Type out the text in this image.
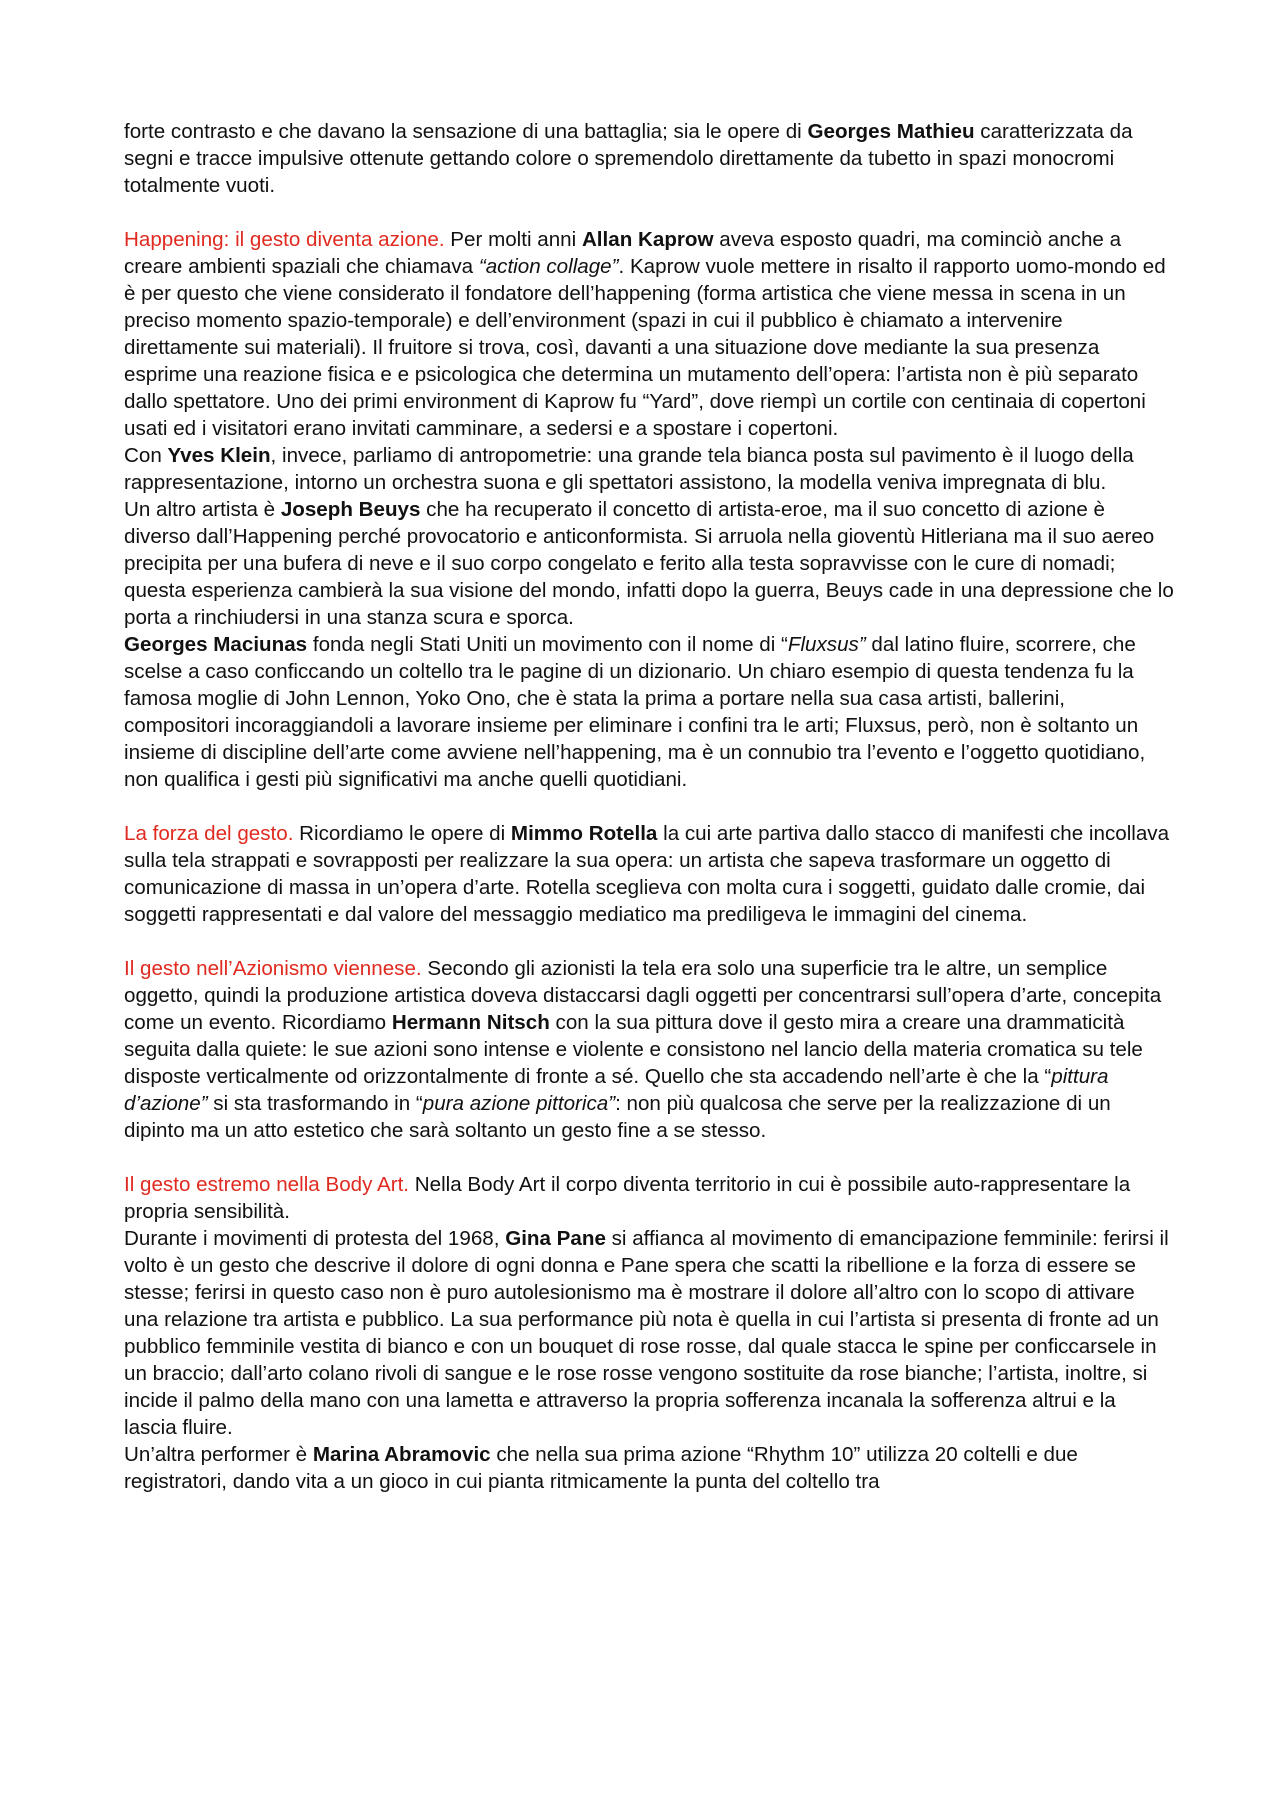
forte contrasto e che davano la sensazione di una battaglia; sia le opere di Georges Mathieu caratterizzata da segni e tracce impulsive ottenute gettando colore o spremendolo direttamente da tubetto in spazi monocromi totalmente vuoti.

Happening: il gesto diventa azione. Per molti anni Allan Kaprow aveva esposto quadri, ma cominciò anche a creare ambienti spaziali che chiamava “action collage”. Kaprow vuole mettere in risalto il rapporto uomo-mondo ed è per questo che viene considerato il fondatore dell’happening (forma artistica che viene messa in scena in un preciso momento spazio-temporale) e dell’environment (spazi in cui il pubblico è chiamato a intervenire direttamente sui materiali). Il fruitore si trova, così, davanti a una situazione dove mediante la sua presenza esprime una reazione fisica e e psicologica che determina un mutamento dell’opera: l’artista non è più separato dallo spettatore. Uno dei primi environment di Kaprow fu “Yard”, dove riempì un cortile con centinaia di copertoni usati ed i visitatori erano invitati camminare, a sedersi e a spostare i copertoni.

Con Yves Klein, invece, parliamo di antropometrie: una grande tela bianca posta sul pavimento è il luogo della rappresentazione, intorno un orchestra suona e gli spettatori assistono, la modella veniva impregnata di blu.

Un altro artista è Joseph Beuys che ha recuperato il concetto di artista-eroe, ma il suo concetto di azione è diverso dall’Happening perché provocatorio e anticonformista. Si arruola nella gioventù Hitleriana ma il suo aereo precipita per una bufera di neve e il suo corpo congelato e ferito alla testa sopravvisse con le cure di nomadi; questa esperienza cambierà la sua visione del mondo, infatti dopo la guerra, Beuys cade in una depressione che lo porta a rinchiudersi in una stanza scura e sporca.

Georges Maciunas fonda negli Stati Uniti un movimento con il nome di “Fluxsus” dal latino fluire, scorrere, che scelse a caso conficcando un coltello tra le pagine di un dizionario. Un chiaro esempio di questa tendenza fu la famosa moglie di John Lennon, Yoko Ono, che è stata la prima a portare nella sua casa artisti, ballerini, compositori incoraggiandoli a lavorare insieme per eliminare i confini tra le arti; Fluxsus, però, non è soltanto un insieme di discipline dell’arte come avviene nell’happening, ma è un connubio tra l’evento e l’oggetto quotidiano, non qualifica i gesti più significativi ma anche quelli quotidiani.

La forza del gesto. Ricordiamo le opere di Mimmo Rotella la cui arte partiva dallo stacco di manifesti che incollava sulla tela strappati e sovrapposti per realizzare la sua opera: un artista che sapeva trasformare un oggetto di comunicazione di massa in un’opera d’arte. Rotella sceglieva con molta cura i soggetti, guidato dalle cromie, dai soggetti rappresentati e dal valore del messaggio mediatico ma prediligeva le immagini del cinema.

Il gesto nell’Azionismo viennese. Secondo gli azionisti la tela era solo una superficie tra le altre, un semplice oggetto, quindi la produzione artistica doveva distaccarsi dagli oggetti per concentrarsi sull’opera d’arte, concepita come un evento. Ricordiamo Hermann Nitsch con la sua pittura dove il gesto mira a creare una drammaticità seguita dalla quiete: le sue azioni sono intense e violente e consistono nel lancio della materia cromatica su tele disposte verticalmente od orizzontalmente di fronte a sé. Quello che sta accadendo nell’arte è che la “pittura d’azione” si sta trasformando in “pura azione pittorica”: non più qualcosa che serve per la realizzazione di un dipinto ma un atto estetico che sarà soltanto un gesto fine a se stesso.

Il gesto estremo nella Body Art. Nella Body Art il corpo diventa territorio in cui è possibile auto-rappresentare la propria sensibilità.

Durante i movimenti di protesta del 1968, Gina Pane si affianca al movimento di emancipazione femminile: ferirsi il volto è un gesto che descrive il dolore di ogni donna e Pane spera che scatti la ribellione e la forza di essere se stesse; ferirsi in questo caso non è puro autolesionismo ma è mostrare il dolore all’altro con lo scopo di attivare una relazione tra artista e pubblico. La sua performance più nota è quella in cui l’artista si presenta di fronte ad un pubblico femminile vestita di bianco e con un bouquet di rose rosse, dal quale stacca le spine per conficcarsele in un braccio; dall’arto colano rivoli di sangue e le rose rosse vengono sostituite da rose bianche; l’artista, inoltre, si incide il palmo della mano con una lametta e attraverso la propria sofferenza incanala la sofferenza altrui e la lascia fluire.

Un’altra performer è Marina Abramovic che nella sua prima azione “Rhythm 10” utilizza 20 coltelli e due registratori, dando vita a un gioco in cui pianta ritmicamente la punta del coltello tra
